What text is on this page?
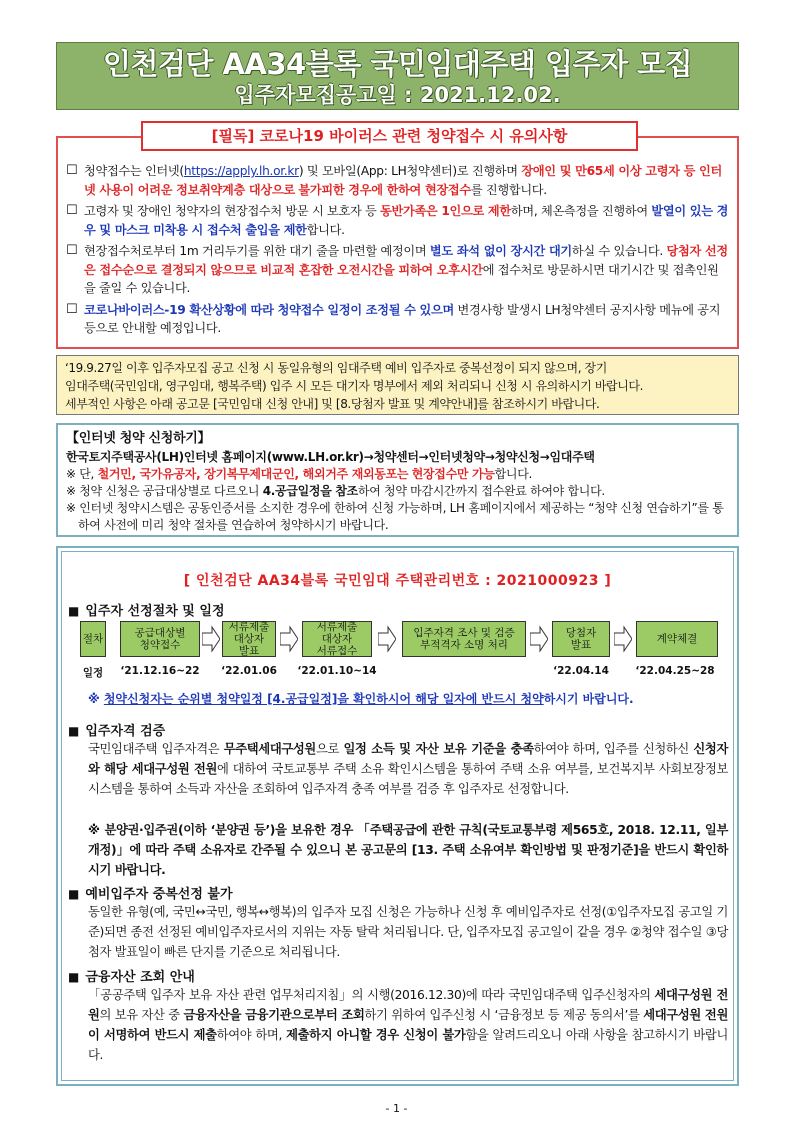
인천검단 AA34블록 국민임대주택 입주자 모집
입주자모집공고일 : 2021.12.02.
☐ 청약접수는 인터넷(https://apply.lh.or.kr) 및 모바일(App: LH청약센터)로 진행하며 장애인 및 만65세 이상 고령자 등 인터넷 사용이 어려운 정보취약계층 대상으로 불가피한 경우에 한하여 현장접수를 진행합니다.
☐ 고령자 및 장애인 청약자의 현장접수처 방문 시 보호자 등 동반가족은 1인으로 제한하며, 체온측정을 진행하여 발열이 있는 경우 및 마스크 미착용 시 접수처 출입을 제한합니다.
☐ 현장접수처로부터 1m 거리두기를 위한 대기 줄을 마련할 예정이며 별도 좌석 없이 장시간 대기하실 수 있습니다. 당첨자 선정은 접수순으로 결정되지 않으므로 비교적 혼잡한 오전시간을 피하여 오후시간에 접수처로 방문하시면 대기시간 및 접촉인원을 줄일 수 있습니다.
☐ 코로나바이러스-19 확산상황에 따라 청약접수 일정이 조정될 수 있으며 변경사항 발생시 LH청약센터 공지사항 메뉴에 공지 등으로 안내할 예정입니다.
[필독] 코로나19 바이러스 관련 청약접수 시 유의사항
‘19.9.27일 이후 입주자모집 공고 신청 시 동일유형의 임대주택 예비 입주자로 중복선정이 되지 않으며, 장기
임대주택(국민임대, 영구임대, 행복주택) 입주 시 모든 대기자 명부에서 제외 처리되니 신청 시 유의하시기 바랍니다.
세부적인 사항은 아래 공고문 [국민임대 신청 안내] 및 [8.당첨자 발표 및 계약안내]를 참조하시기 바랍니다.
【인터넷 청약 신청하기】
한국토지주택공사(LH)인터넷 홈페이지(www.LH.or.kr)→청약센터→인터넷청약→청약신청→임대주택
※ 단, 철거민, 국가유공자, 장기복무제대군인, 해외거주 재외동포는 현장접수만 가능합니다.
※ 청약 신청은 공급대상별로 다르오니 4.공급일정을 참조하여 청약 마감시간까지 접수완료 하여야 합니다.
※ 인터넷 청약시스템은 공동인증서를 소지한 경우에 한하여 신청 가능하며, LH 홈페이지에서 제공하는 “청약 신청 연습하기”를 통하여 사전에 미리 청약 절차를 연습하여 청약하시기 바랍니다.
[ 인천검단 AA34블록 국민임대 주택관리번호 : 2021000923 ]
■ 입주자 선정절차 및 일정
절차
일정
공급대상별
청약접수
‘21.12.16~22
서류제출
대상자
발표
‘22.01.06
서류제출
대상자
서류접수
‘22.01.10~14
입주자격 조사 및 검증
부적격자 소명 처리
당첨자
발표
‘22.04.14
계약체결
‘22.04.25~28
※ 청약신청자는 순위별 청약일정 [4.공급일정]을 확인하시어 해당 일자에 반드시 청약하시기 바랍니다.
■ 입주자격 검증
국민임대주택 입주자격은 무주택세대구성원으로 일정 소득 및 자산 보유 기준을 충족하여야 하며, 입주를 신청하신 신청자와 해당 세대구성원 전원에 대하여 국토교통부 주택 소유 확인시스템을 통하여 주택 소유 여부를, 보건복지부 사회보장정보시스템을 통하여 소득과 자산을 조회하여 입주자격 충족 여부를 검증 후 입주자로 선정합니다.
※ 분양권·입주권(이하 ‘분양권 등’)을 보유한 경우 「주택공급에 관한 규칙(국토교통부령 제565호, 2018. 12.11, 일부개정)」에 따라 주택 소유자로 간주될 수 있으니 본 공고문의 [13. 주택 소유여부 확인방법 및 판정기준]을 반드시 확인하시기 바랍니다.
■ 예비입주자 중복선정 불가
동일한 유형(예, 국민↔국민, 행복↔행복)의 입주자 모집 신청은 가능하나 신청 후 예비입주자로 선정(①입주자모집 공고일 기준)되면 종전 선정된 예비입주자로서의 지위는 자동 탈락 처리됩니다. 단, 입주자모집 공고일이 같을 경우 ②청약 접수일 ③당첨자 발표일이 빠른 단지를 기준으로 처리됩니다.
■ 금융자산 조회 안내
「공공주택 입주자 보유 자산 관련 업무처리지침」의 시행(2016.12.30)에 따라 국민임대주택 입주신청자의 세대구성원 전원의 보유 자산 중 금융자산을 금융기관으로부터 조회하기 위하여 입주신청 시 ‘금융정보 등 제공 동의서’를 세대구성원 전원이 서명하여 반드시 제출하여야 하며, 제출하지 아니할 경우 신청이 불가함을 알려드리오니 아래 사항을 참고하시기 바랍니다.
- 1 -
